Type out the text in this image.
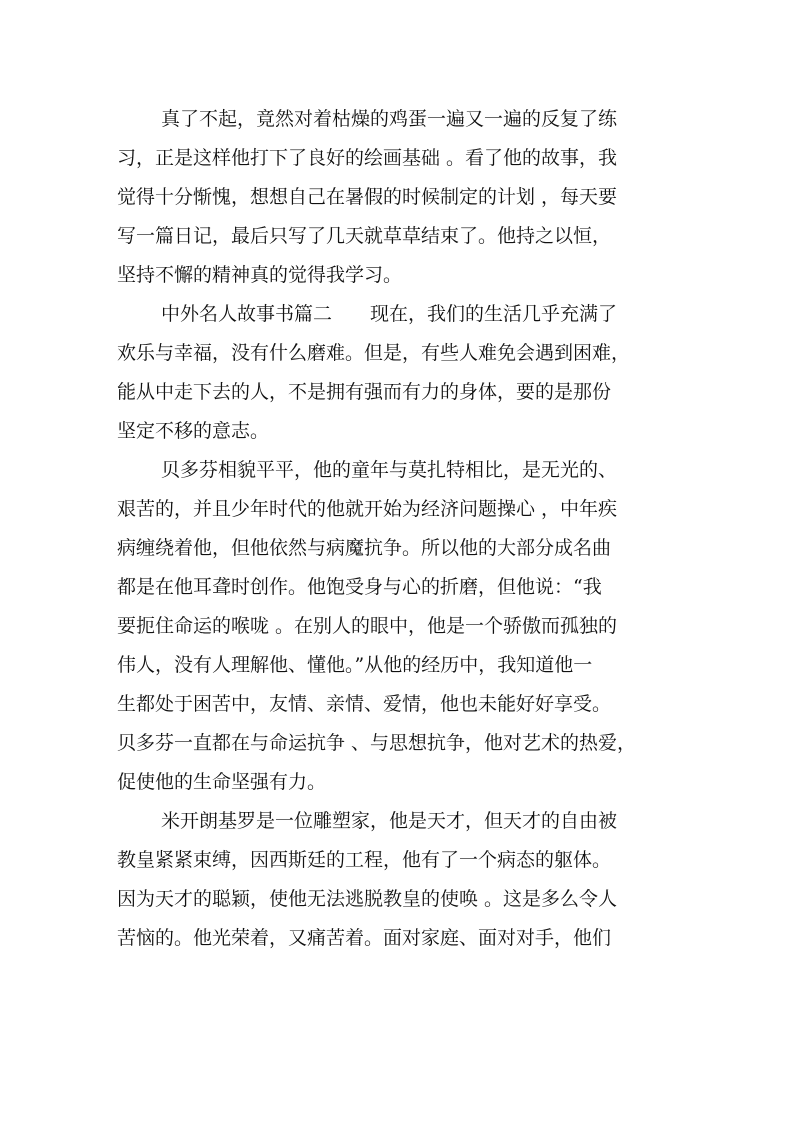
真了不起，竟然对着枯燥的鸡蛋一遍又一遍的反复了练
习，正是这样他打下了良好的绘画基础 。看了他的故事，我
觉得十分惭愧，想想自己在暑假的时候制定的计划 ，每天要
写一篇日记，最后只写了几天就草草结束了。他持之以恒，
坚持不懈的精神真的觉得我学习。
中外名人故事书篇二　　现在，我们的生活几乎充满了
欢乐与幸福，没有什么磨难。但是，有些人难免会遇到困难，
能从中走下去的人，不是拥有强而有力的身体，要的是那份
坚定不移的意志。
贝多芬相貌平平，他的童年与莫扎特相比，是无光的、
艰苦的，并且少年时代的他就开始为经济问题操心 ，中年疾
病缠绕着他，但他依然与病魔抗争。所以他的大部分成名曲
都是在他耳聋时创作。他饱受身与心的折磨，但他说：“我
要扼住命运的喉咙 。在别人的眼中，他是一个骄傲而孤独的
伟人，没有人理解他、懂他。”从他的经历中，我知道他一
生都处于困苦中，友情、亲情、爱情，他也未能好好享受。
贝多芬一直都在与命运抗争 、与思想抗争，他对艺术的热爱，
促使他的生命坚强有力。
米开朗基罗是一位雕塑家，他是天才，但天才的自由被
教皇紧紧束缚，因西斯廷的工程，他有了一个病态的躯体。
因为天才的聪颖，使他无法逃脱教皇的使唤 。这是多么令人
苦恼的。他光荣着，又痛苦着。面对家庭、面对对手，他们
